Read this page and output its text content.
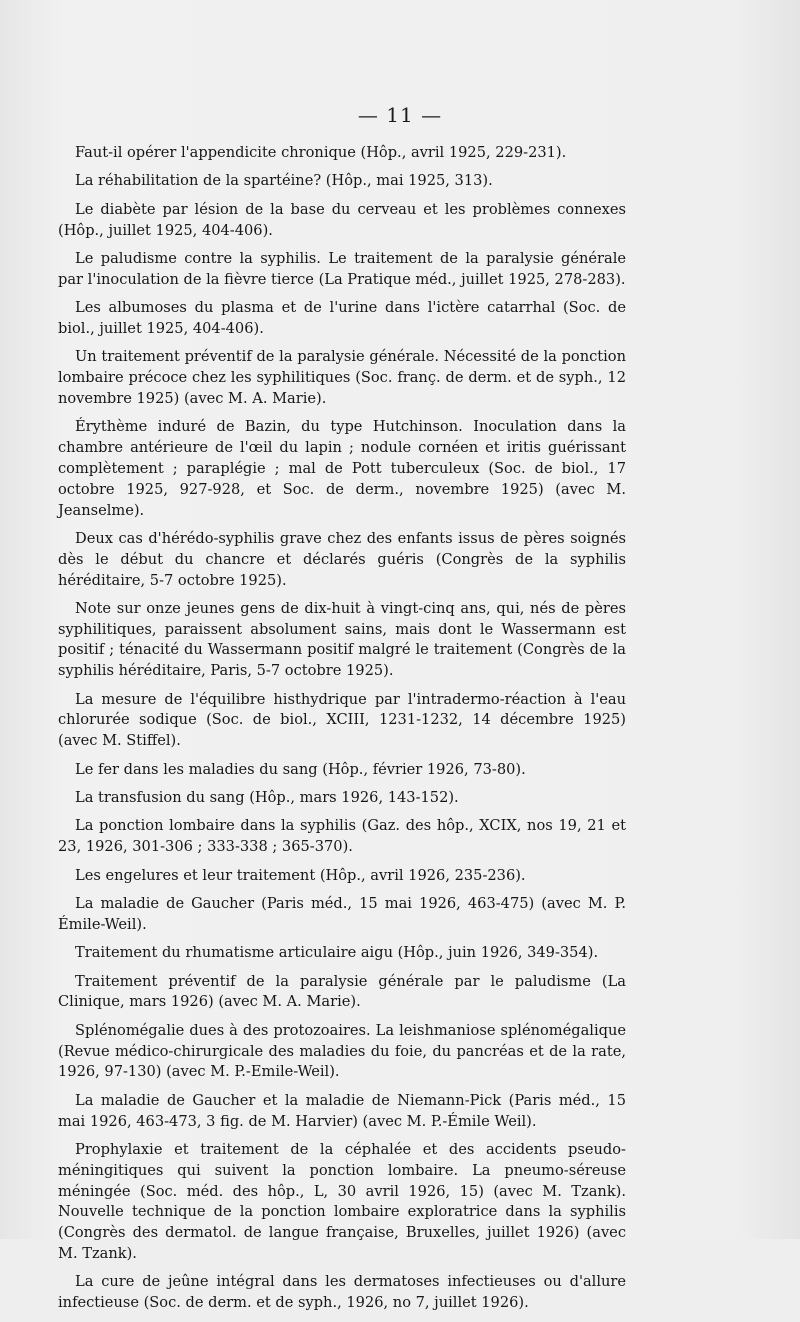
— 11 —

Faut-il opérer l'appendicite chronique (Hôp., avril 1925, 229-231).

La réhabilitation de la spartéine? (Hôp., mai 1925, 313).

Le diabète par lésion de la base du cerveau et les problèmes connexes (Hôp., juillet 1925, 404-406).

Le paludisme contre la syphilis. Le traitement de la paralysie générale par l'inoculation de la fièvre tierce (La Pratique méd., juillet 1925, 278-283).

Les albumoses du plasma et de l'urine dans l'ictère catarrhal (Soc. de biol., juillet 1925, 404-406).

Un traitement préventif de la paralysie générale. Nécessité de la ponction lombaire précoce chez les syphilitiques (Soc. franç. de derm. et de syph., 12 novembre 1925) (avec M. A. Marie).

Érythème induré de Bazin, du type Hutchinson. Inoculation dans la chambre antérieure de l'œil du lapin ; nodule cornéen et iritis guérissant complètement ; paraplégie ; mal de Pott tuberculeux (Soc. de biol., 17 octobre 1925, 927-928, et Soc. de derm., novembre 1925) (avec M. Jeanselme).

Deux cas d'hérédo-syphilis grave chez des enfants issus de pères soignés dès le début du chancre et déclarés guéris (Congrès de la syphilis héréditaire, 5-7 octobre 1925).

Note sur onze jeunes gens de dix-huit à vingt-cinq ans, qui, nés de pères syphilitiques, paraissent absolument sains, mais dont le Wassermann est positif ; ténacité du Wassermann positif malgré le traitement (Congrès de la syphilis héréditaire, Paris, 5-7 octobre 1925).

La mesure de l'équilibre histhydrique par l'intradermo-réaction à l'eau chlorurée sodique (Soc. de biol., XCIII, 1231-1232, 14 décembre 1925) (avec M. Stiffel).

Le fer dans les maladies du sang (Hôp., février 1926, 73-80).

La transfusion du sang (Hôp., mars 1926, 143-152).

La ponction lombaire dans la syphilis (Gaz. des hôp., XCIX, nos 19, 21 et 23, 1926, 301-306 ; 333-338 ; 365-370).

Les engelures et leur traitement (Hôp., avril 1926, 235-236).

La maladie de Gaucher (Paris méd., 15 mai 1926, 463-475) (avec M. P. Émile-Weil).

Traitement du rhumatisme articulaire aigu (Hôp., juin 1926, 349-354).

Traitement préventif de la paralysie générale par le paludisme (La Clinique, mars 1926) (avec M. A. Marie).

Splénomégalie dues à des protozoaires. La leishmaniose splénomégalique (Revue médico-chirurgicale des maladies du foie, du pancréas et de la rate, 1926, 97-130) (avec M. P.-Emile-Weil).

La maladie de Gaucher et la maladie de Niemann-Pick (Paris méd., 15 mai 1926, 463-473, 3 fig. de M. Harvier) (avec M. P.-Émile Weil).

Prophylaxie et traitement de la céphalée et des accidents pseudo-méningitiques qui suivent la ponction lombaire. La pneumo-séreuse méningée (Soc. méd. des hôp., L, 30 avril 1926, 15) (avec M. Tzank). Nouvelle technique de la ponction lombaire exploratrice dans la syphilis (Congrès des dermatol. de langue française, Bruxelles, juillet 1926) (avec M. Tzank).

La cure de jeûne intégral dans les dermatoses infectieuses ou d'allure infectieuse (Soc. de derm. et de syph., 1926, no 7, juillet 1926).
